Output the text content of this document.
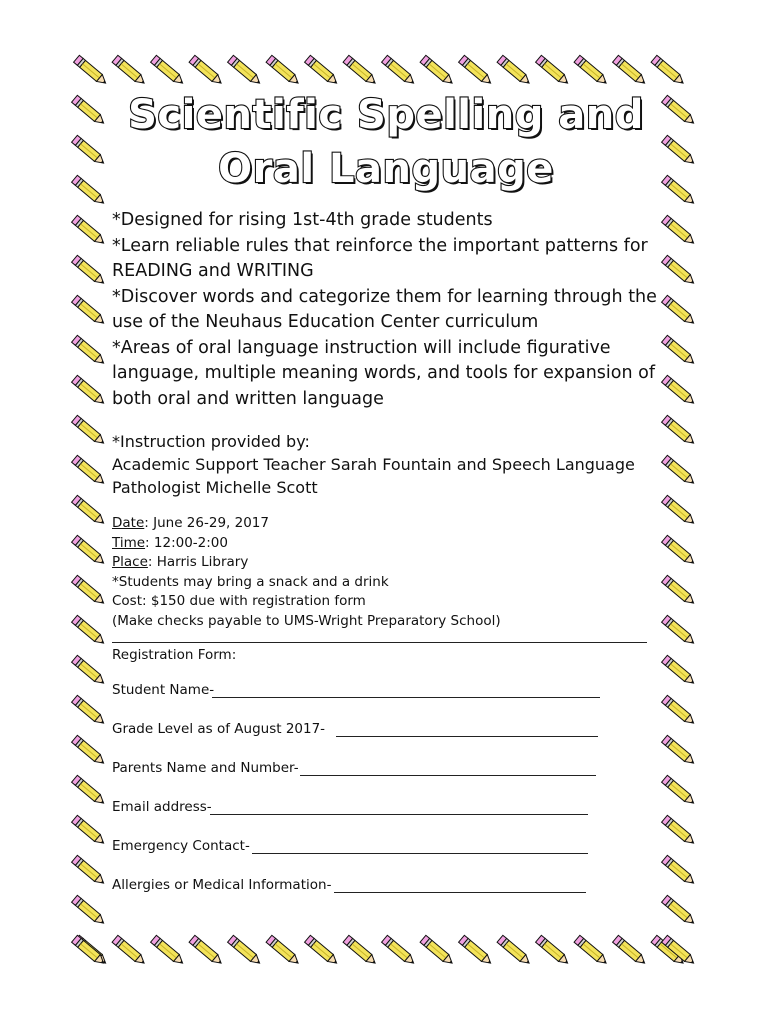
Scientific Spelling and Oral Language
*Designed for rising 1st-4th grade students
*Learn reliable rules that reinforce the important patterns for READING and WRITING
*Discover words and categorize them for learning through the use of the Neuhaus Education Center curriculum
*Areas of oral language instruction will include figurative language, multiple meaning words, and tools for expansion of both oral and written language
*Instruction provided by:
Academic Support Teacher Sarah Fountain and Speech Language Pathologist Michelle Scott
Date: June 26-29, 2017
Time: 12:00-2:00
Place: Harris Library
*Students may bring a snack and a drink
Cost: $150 due with registration form
(Make checks payable to UMS-Wright Preparatory School)
Registration Form:
Student Name-
Grade Level as of August 2017-
Parents Name and Number-
Email address-
Emergency Contact-
Allergies or Medical Information-
